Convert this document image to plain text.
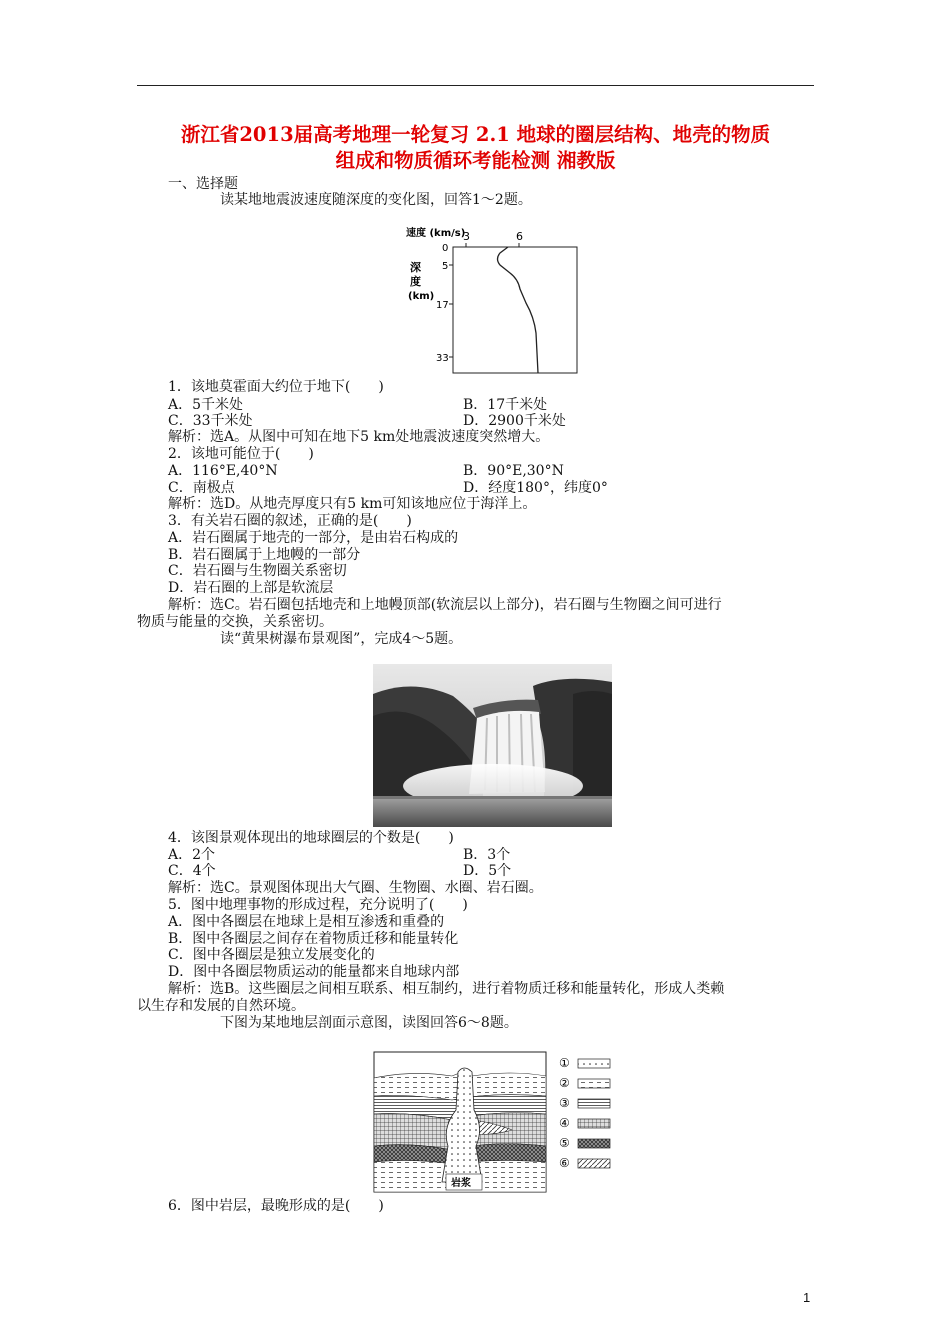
浙江省2013届高考地理一轮复习 2.1 地球的圈层结构、地壳的物质
组成和物质循环考能检测 湘教版
一、选择题
读某地地震波速度随深度的变化图，回答1～2题。
速度 (km/s)
3	6
0
5
深
度
(km)
17
33
1．该地莫霍面大约位于地下(　　)
A．5千米处	B．17千米处
C．33千米处	D．2900千米处
解析：选A。从图中可知在地下5 km处地震波速度突然增大。
2．该地可能位于(　　)
A．116°E,40°N	B．90°E,30°N
C．南极点	D．经度180°，纬度0°
解析：选D。从地壳厚度只有5 km可知该地应位于海洋上。
3．有关岩石圈的叙述，正确的是(　　)
A．岩石圈属于地壳的一部分，是由岩石构成的
B．岩石圈属于上地幔的一部分
C．岩石圈与生物圈关系密切
D．岩石圈的上部是软流层
解析：选C。岩石圈包括地壳和上地幔顶部(软流层以上部分)，岩石圈与生物圈之间可进行
物质与能量的交换，关系密切。
读“黄果树瀑布景观图”，完成4～5题。
4．该图景观体现出的地球圈层的个数是(　　)
A．2个	B．3个
C．4个	D．5个
解析：选C。景观图体现出大气圈、生物圈、水圈、岩石圈。
5．图中地理事物的形成过程，充分说明了(　　)
A．图中各圈层在地球上是相互渗透和重叠的
B．图中各圈层之间存在着物质迁移和能量转化
C．图中各圈层是独立发展变化的
D．图中各圈层物质运动的能量都来自地球内部
解析：选B。这些圈层之间相互联系、相互制约，进行着物质迁移和能量转化，形成人类赖
以生存和发展的自然环境。
下图为某地地层剖面示意图，读图回答6～8题。
岩浆
①
②
③
④
⑤
⑥
6．图中岩层，最晚形成的是(　　)
1
